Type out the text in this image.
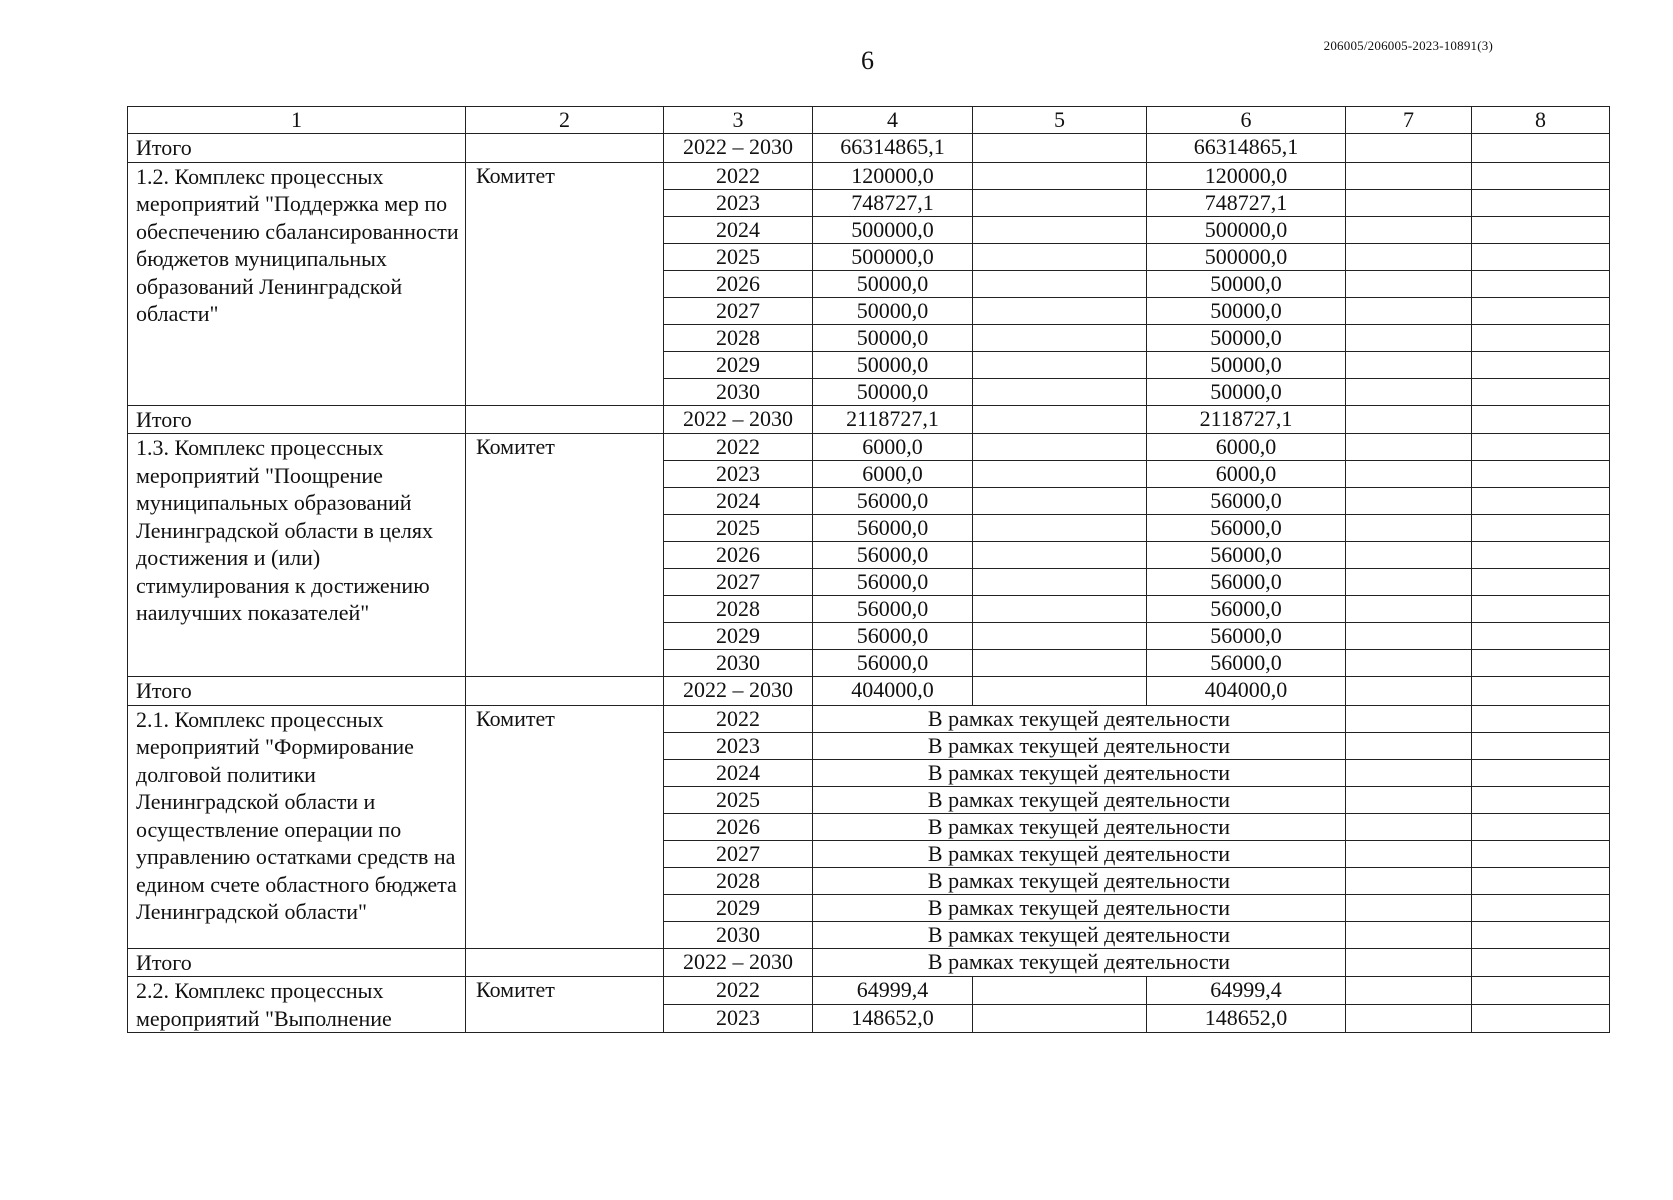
6
206005/206005-2023-10891(3)
1	2	3	4	5	6	7	8
Итого		2022 – 2030	66314865,1		66314865,1		
1.2. Комплекс процессных мероприятий "Поддержка мер по обеспечению сбалансированности бюджетов муниципальных образований Ленинградской области"	Комитет	2022	120000,0		120000,0		
		2023	748727,1		748727,1		
		2024	500000,0		500000,0		
		2025	500000,0		500000,0		
		2026	50000,0		50000,0		
		2027	50000,0		50000,0		
		2028	50000,0		50000,0		
		2029	50000,0		50000,0		
		2030	50000,0		50000,0		
Итого		2022 – 2030	2118727,1		2118727,1		
1.3. Комплекс процессных мероприятий "Поощрение муниципальных образований Ленинградской области в целях достижения и (или) стимулирования к достижению наилучших показателей"	Комитет	2022	6000,0		6000,0		
		2023	6000,0		6000,0		
		2024	56000,0		56000,0		
		2025	56000,0		56000,0		
		2026	56000,0		56000,0		
		2027	56000,0		56000,0		
		2028	56000,0		56000,0		
		2029	56000,0		56000,0		
		2030	56000,0		56000,0		
Итого		2022 – 2030	404000,0		404000,0		
2.1. Комплекс процессных мероприятий "Формирование долговой политики Ленинградской области и осуществление операции по управлению остатками средств на едином счете областного бюджета Ленинградской области"	Комитет	2022	В рамках текущей деятельности				
		2023	В рамках текущей деятельности				
		2024	В рамках текущей деятельности				
		2025	В рамках текущей деятельности				
		2026	В рамках текущей деятельности				
		2027	В рамках текущей деятельности				
		2028	В рамках текущей деятельности				
		2029	В рамках текущей деятельности				
		2030	В рамках текущей деятельности				
Итого		2022 – 2030	В рамках текущей деятельности				
2.2. Комплекс процессных мероприятий "Выполнение	Комитет	2022	64999,4		64999,4		
		2023	148652,0		148652,0		
